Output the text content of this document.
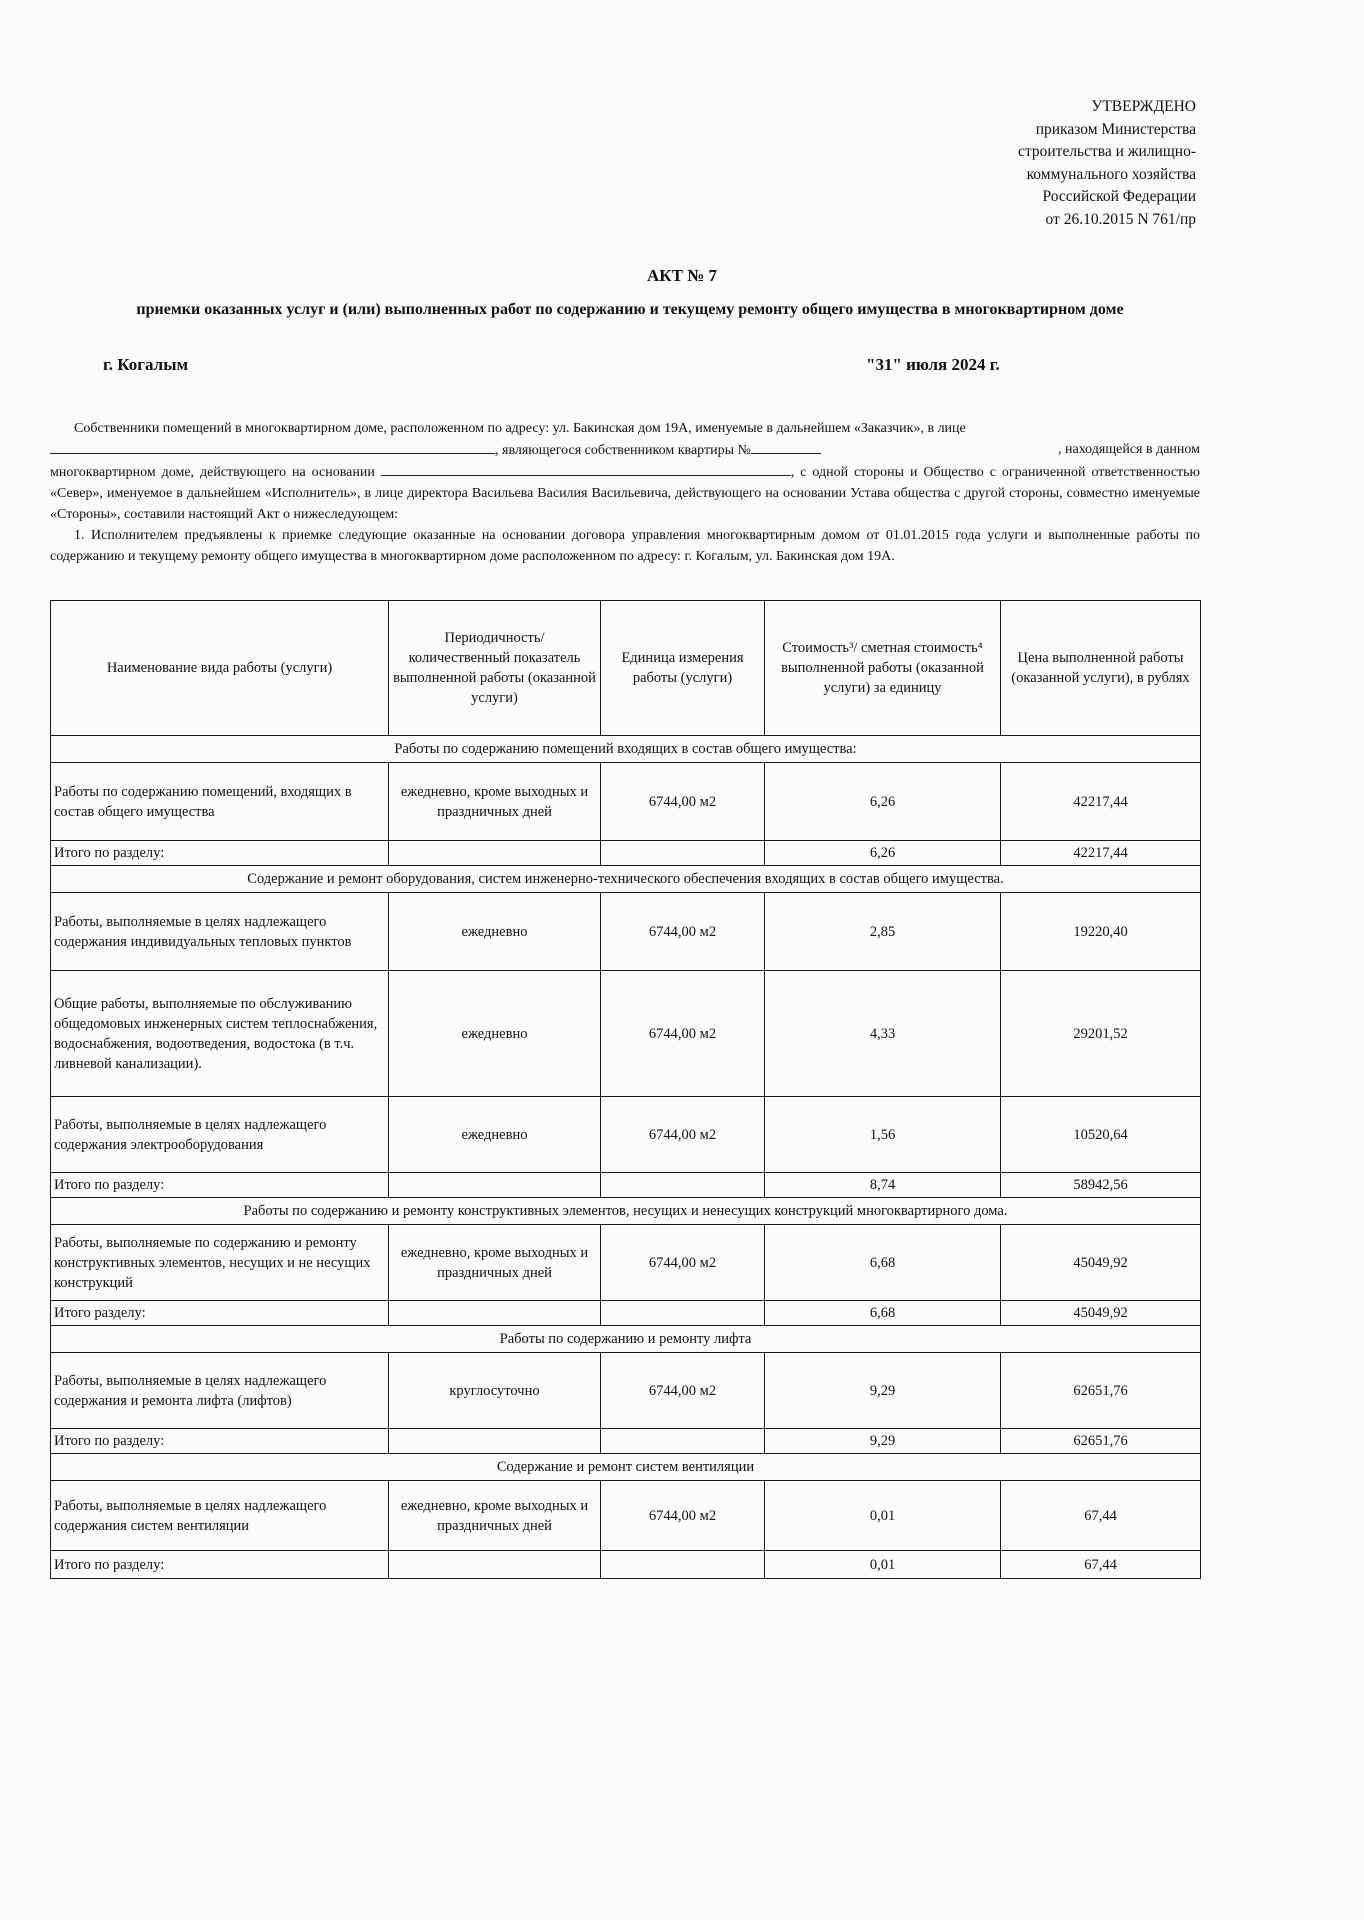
УТВЕРЖДЕНО
приказом Министерства
строительства и жилищно-
коммунального хозяйства
Российской Федерации
от 26.10.2015 N 761/пр
АКТ № 7
приемки оказанных услуг и (или) выполненных работ по содержанию и текущему ремонту общего имущества в многоквартирном доме
г. Когалым	"31" июля 2024 г.

Собственники помещений в многоквартирном доме, расположенном по адресу: ул. Бакинская дом 19А, именуемые в дальнейшем «Заказчик», в лице

, являющегося собственником квартиры №	, находящейся в данном
многоквартирном доме, действующего на основании	, с одной стороны и Общество с ограниченной ответственностью «Север», именуемое в дальнейшем «Исполнитель», в лице директора Васильева Василия Васильевича, действующего на основании Устава общества с другой стороны, совместно именуемые «Стороны», составили настоящий Акт о нижеследующем:

1. Исполнителем предъявлены к приемке следующие оказанные на основании договора управления многоквартирным домом от 01.01.2015 года услуги и выполненные работы по содержанию и текущему ремонту общего имущества в многоквартирном доме расположенном по адресу: г. Когалым, ул. Бакинская дом 19А.

Наименование вида работы (услуги)	Периодичность/ количественный показатель выполненной работы (оказанной услуги)	Единица измерения работы (услуги)	Стоимость³/ сметная стоимость⁴ выполненной работы (оказанной услуги) за единицу	Цена выполненной работы (оказанной услуги), в рублях
Работы по содержанию помещений входящих в состав общего имущества:				
Работы по содержанию помещений, входящих в состав общего имущества	ежедневно, кроме выходных и праздничных дней	6744,00 м2	6,26	42217,44
Итого по разделу:			6,26	42217,44
Содержание и ремонт оборудования, систем инженерно-технического обеспечения входящих в состав общего имущества.				
Работы, выполняемые в целях надлежащего содержания индивидуальных тепловых пунктов	ежедневно	6744,00 м2	2,85	19220,40
Общие работы, выполняемые по обслуживанию общедомовых инженерных систем теплоснабжения, водоснабжения, водоотведения, водостока (в т.ч. ливневой канализации).	ежедневно	6744,00 м2	4,33	29201,52
Работы, выполняемые в целях надлежащего содержания электрооборудования	ежедневно	6744,00 м2	1,56	10520,64
Итого по разделу:			8,74	58942,56
Работы по содержанию и ремонту конструктивных элементов, несущих и ненесущих конструкций многоквартирного дома.				
Работы, выполняемые по содержанию и ремонту конструктивных элементов, несущих и не несущих конструкций	ежедневно, кроме выходных и праздничных дней	6744,00 м2	6,68	45049,92
Итого разделу:			6,68	45049,92
Работы по содержанию и ремонту лифта				
Работы, выполняемые в целях надлежащего содержания и ремонта лифта (лифтов)	круглосуточно	6744,00 м2	9,29	62651,76
Итого по разделу:			9,29	62651,76
Содержание и ремонт систем вентиляции				
Работы, выполняемые в целях надлежащего содержания систем вентиляции	ежедневно, кроме выходных и праздничных дней	6744,00 м2	0,01	67,44
Итого по разделу:			0,01	67,44
